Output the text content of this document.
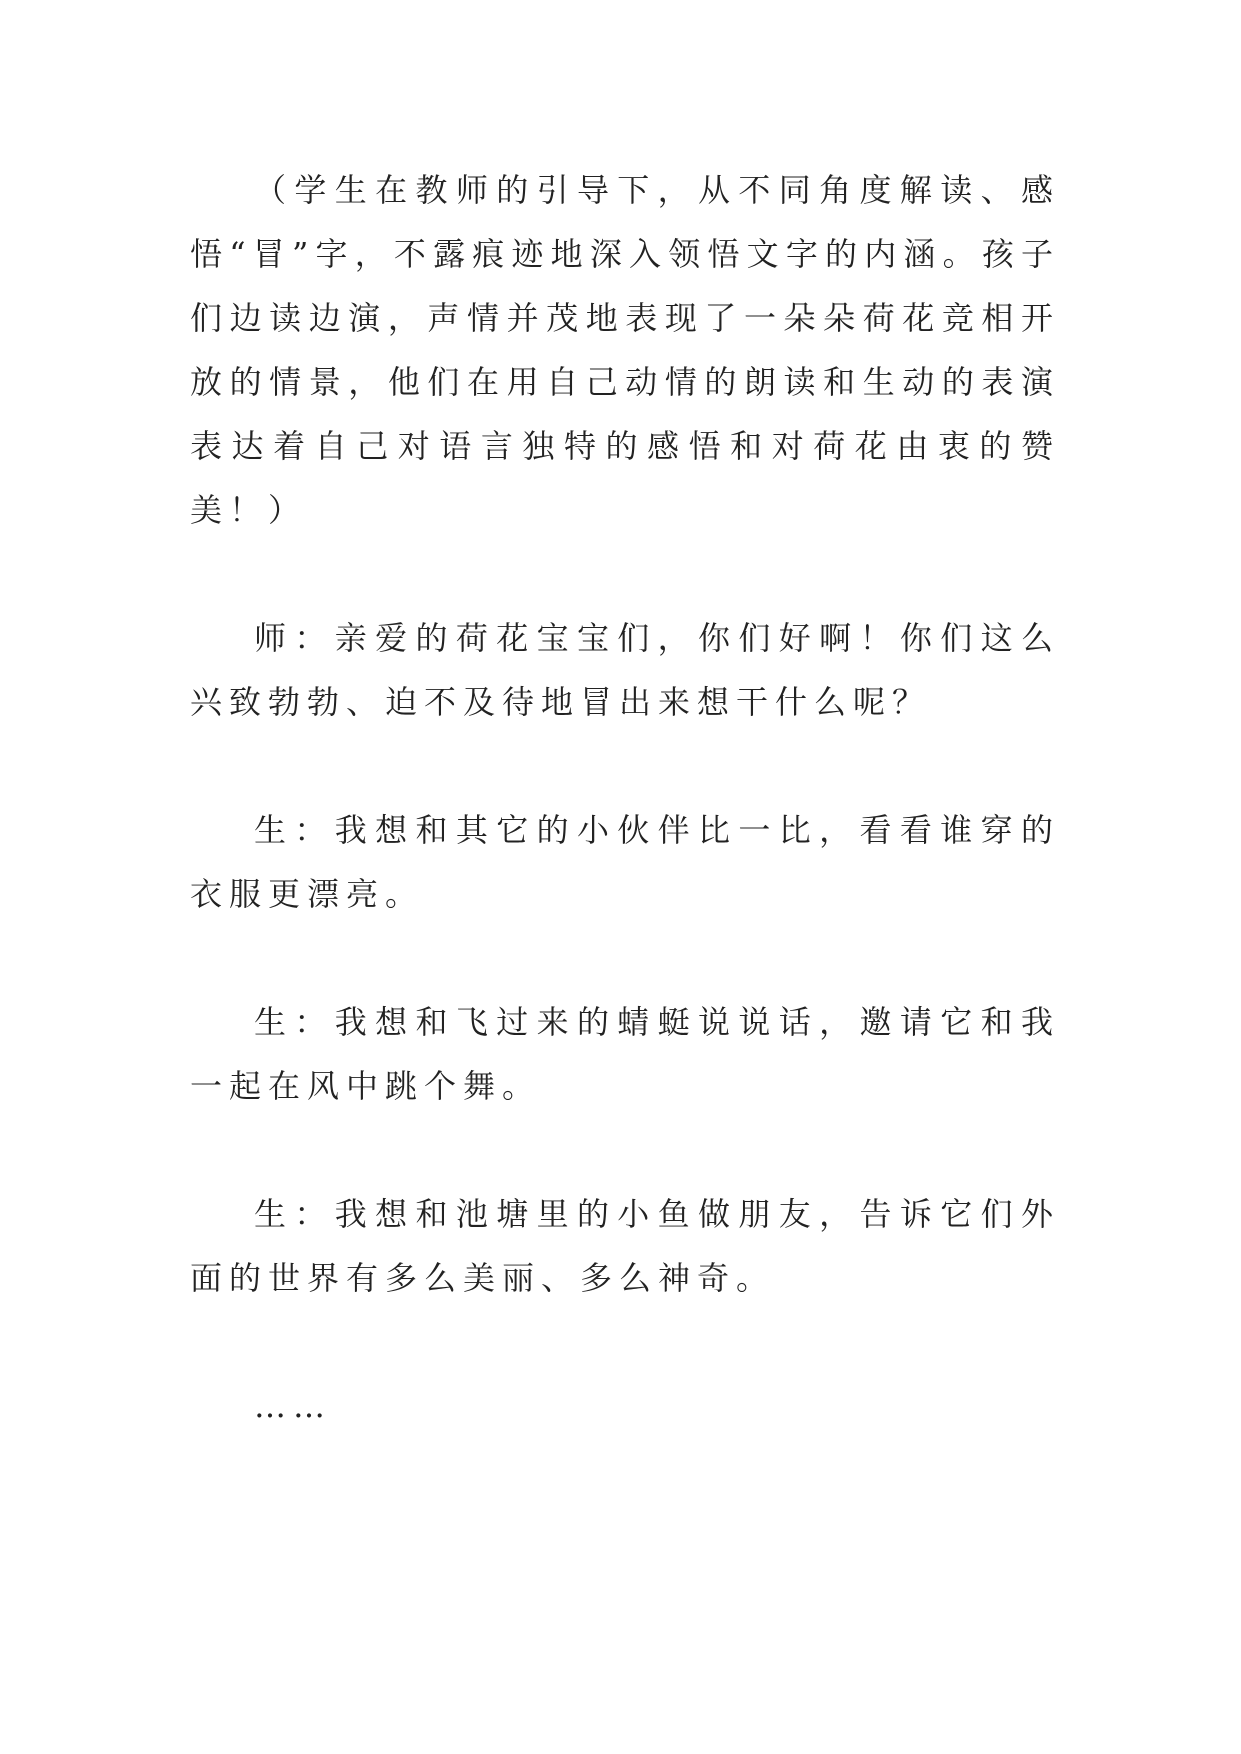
（学生在教师的引导下，从不同角度解读、感悟“冒”字，不露痕迹地深入领悟文字的内涵。孩子们边读边演，声情并茂地表现了一朵朵荷花竞相开放的情景，他们在用自己动情的朗读和生动的表演表达着自己对语言独特的感悟和对荷花由衷的赞美！）

师：亲爱的荷花宝宝们，你们好啊！你们这么兴致勃勃、迫不及待地冒出来想干什么呢？

生：我想和其它的小伙伴比一比，看看谁穿的衣服更漂亮。

生：我想和飞过来的蜻蜓说说话，邀请它和我一起在风中跳个舞。

生：我想和池塘里的小鱼做朋友，告诉它们外面的世界有多么美丽、多么神奇。

……
